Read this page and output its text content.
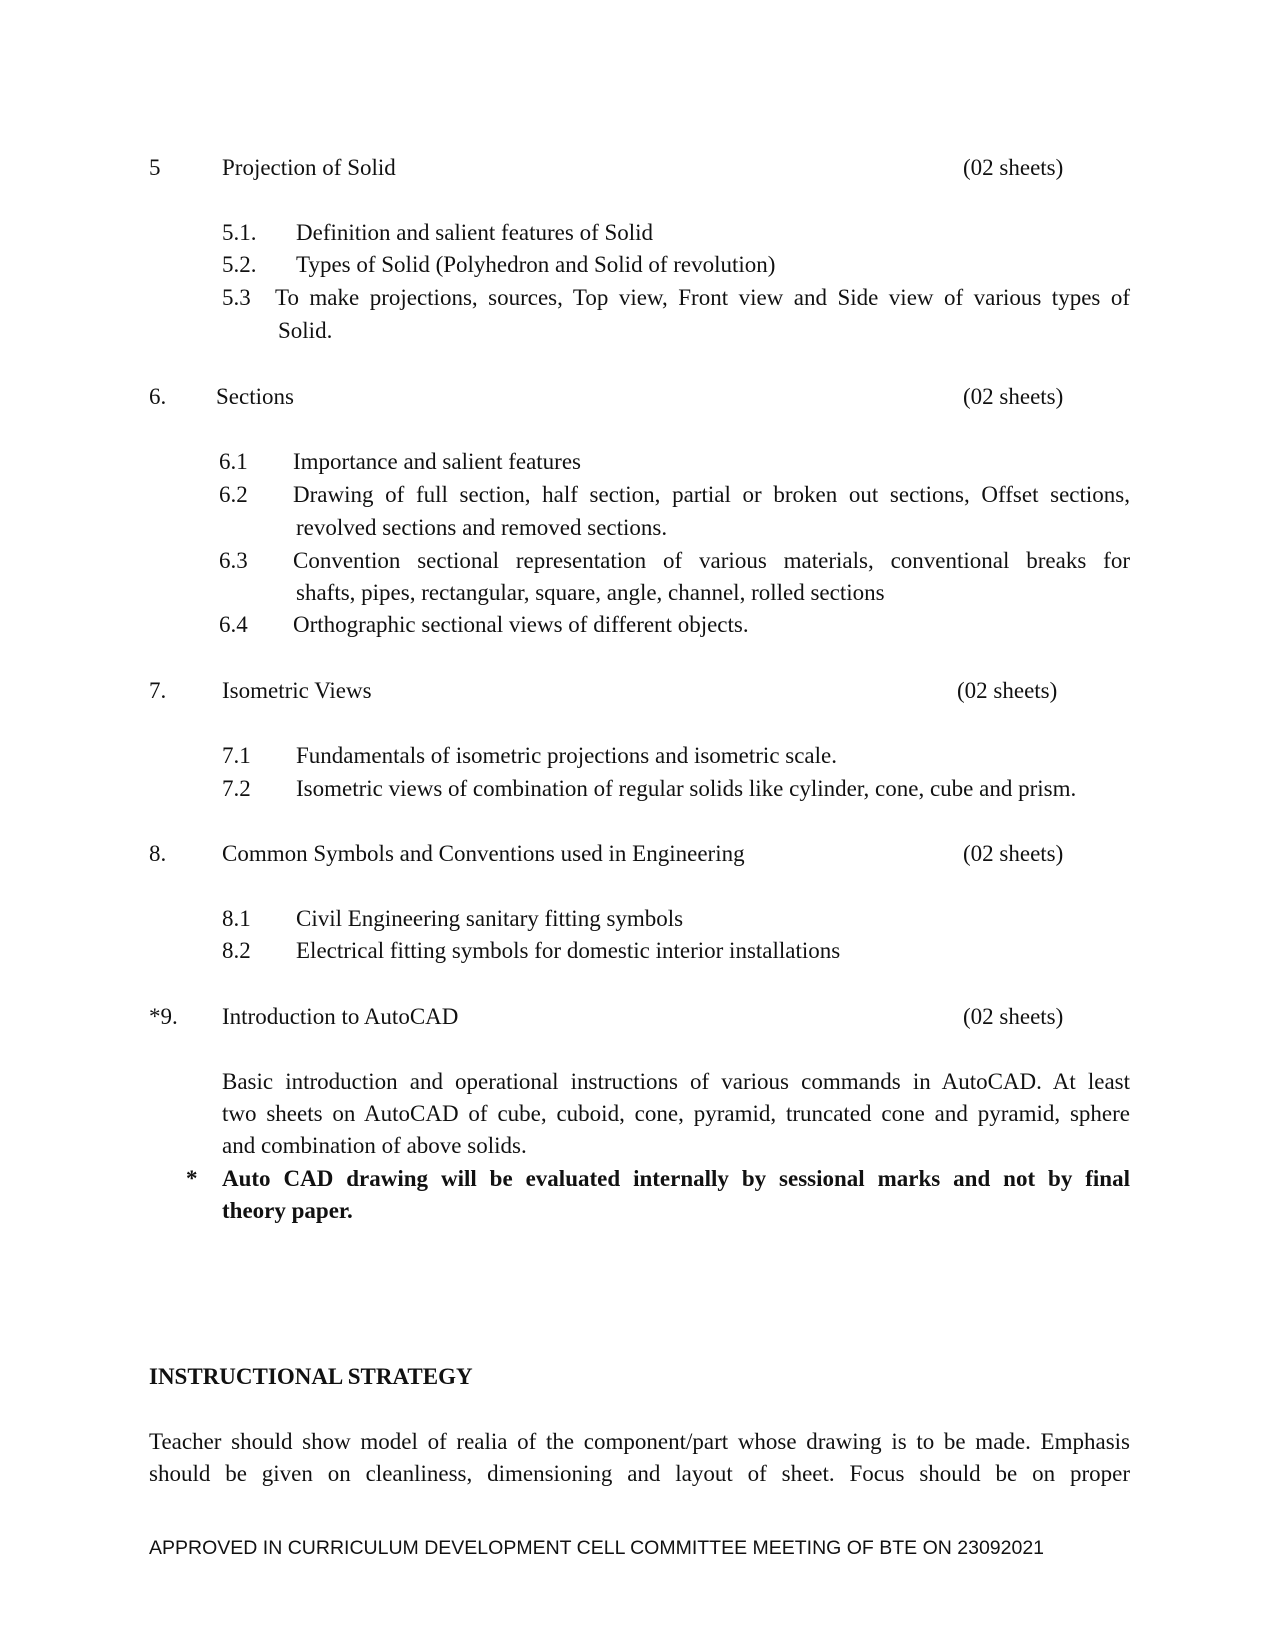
5	Projection of Solid	(02 sheets)
5.1. Definition and salient features of Solid
5.2. Types of Solid (Polyhedron and Solid of revolution)
5.3 To make projections, sources, Top view, Front view and Side view of various types of
Solid.
6. Sections	(02 sheets)
6.1 Importance and salient features
6.2 Drawing of full section, half section, partial or broken out sections, Offset sections,
revolved sections and removed sections.
6.3 Convention sectional representation of various materials, conventional breaks for
shafts, pipes, rectangular, square, angle, channel, rolled sections
6.4 Orthographic sectional views of different objects.
7. Isometric Views	(02 sheets)
7.1 Fundamentals of isometric projections and isometric scale.
7.2 Isometric views of combination of regular solids like cylinder, cone, cube and prism.
8. Common Symbols and Conventions used in Engineering	(02 sheets)
8.1 Civil Engineering sanitary fitting symbols
8.2 Electrical fitting symbols for domestic interior installations
*9. Introduction to AutoCAD	(02 sheets)
Basic introduction and operational instructions of various commands in AutoCAD. At least
two sheets on AutoCAD of cube, cuboid, cone, pyramid, truncated cone and pyramid, sphere
and combination of above solids.
* Auto CAD drawing will be evaluated internally by sessional marks and not by final
theory paper.
INSTRUCTIONAL STRATEGY
Teacher should show model of realia of the component/part whose drawing is to be made. Emphasis
should be given on cleanliness, dimensioning and layout of sheet. Focus should be on proper
APPROVED IN CURRICULUM DEVELOPMENT CELL COMMITTEE MEETING OF BTE ON 23092021
